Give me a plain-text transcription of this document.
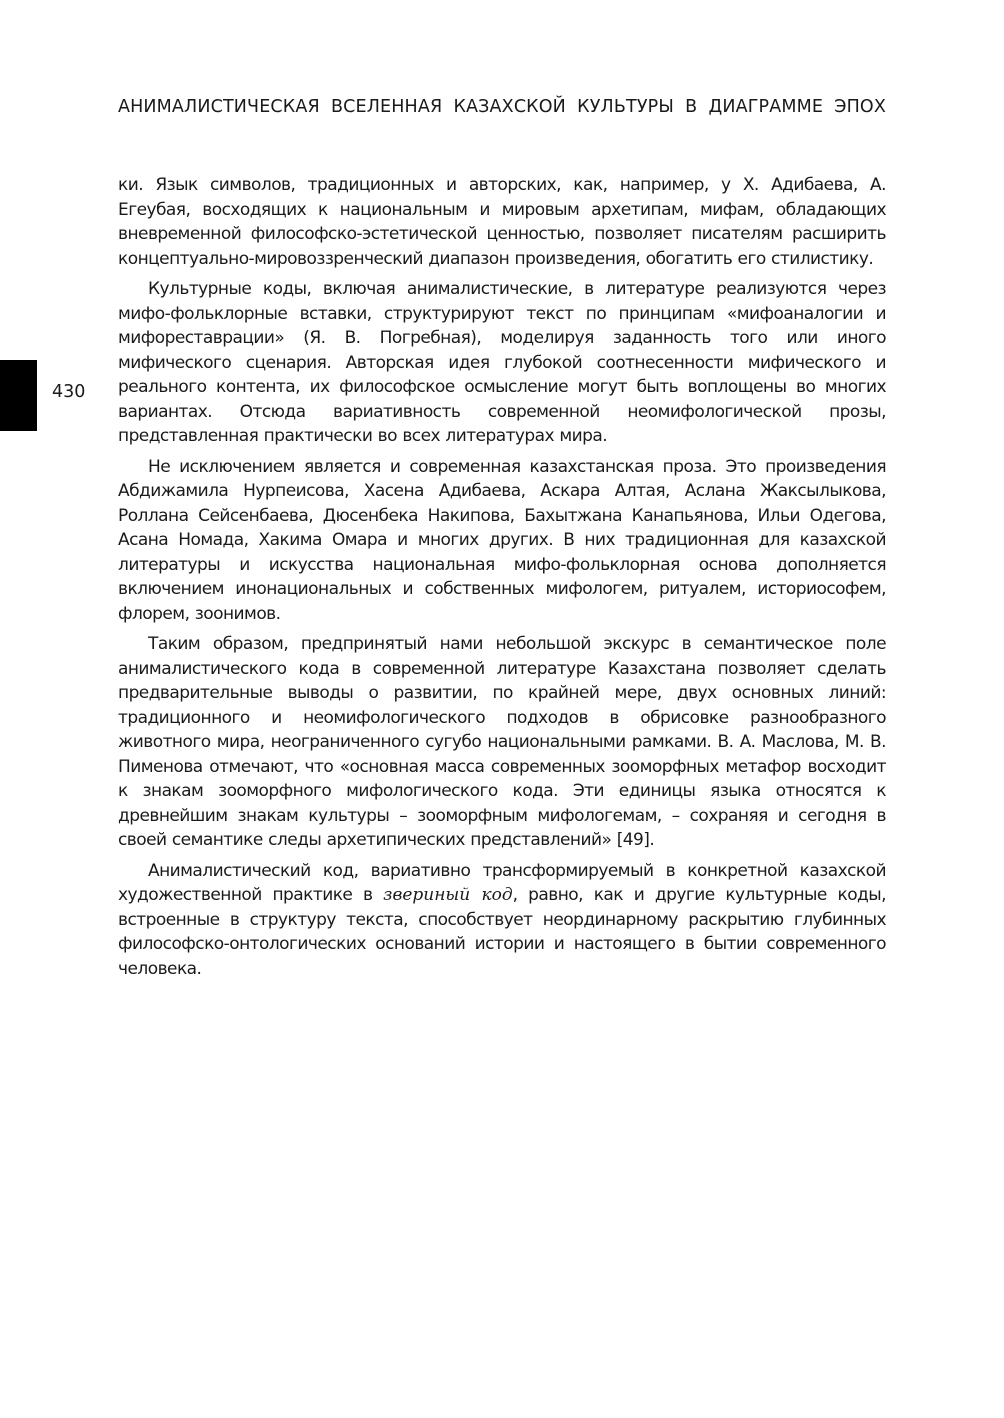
АНИМАЛИСТИЧЕСКАЯ ВСЕЛЕННАЯ КАЗАХСКОЙ КУЛЬТУРЫ В ДИАГРАММЕ ЭПОХ
430

ки. Язык символов, традиционных и авторских, как, например, у Х. Адибаева, А. Егеубая, восходящих к национальным и мировым архетипам, мифам, обладающих вневременной философско-эстетической ценностью, позволяет писателям расширить концептуально-мировоззренческий диапазон произведения, обогатить его стилистику.

Культурные коды, включая анималистические, в литературе реализуются через мифо-фольклорные вставки, структурируют текст по принципам «мифоаналогии и мифореставрации» (Я. В. Погребная), моделируя заданность того или иного мифического сценария. Авторская идея глубокой соотнесенности мифического и реального контента, их философское осмысление могут быть воплощены во многих вариантах. Отсюда вариативность современной неомифологической прозы, представленная практически во всех литературах мира.

Не исключением является и современная казахстанская проза. Это произведения Абдижамила Нурпеисова, Хасена Адибаева, Аскара Алтая, Аслана Жаксылыкова, Роллана Сейсенбаева, Дюсенбека Накипова, Бахытжана Канапьянова, Ильи Одегова, Асана Номада, Хакима Омара и многих других. В них традиционная для казахской литературы и искусства национальная мифо-фольклорная основа дополняется включением инонациональных и собственных мифологем, ритуалем, историософем, флорем, зоонимов.

Таким образом, предпринятый нами небольшой экскурс в семантическое поле анималистического кода в современной литературе Казахстана позволяет сделать предварительные выводы о развитии, по крайней мере, двух основных линий: традиционного и неомифологического подходов в обрисовке разнообразного животного мира, неограниченного сугубо национальными рамками. В. А. Маслова, М. В. Пименова отмечают, что «основная масса современных зооморфных метафор восходит к знакам зооморфного мифологического кода. Эти единицы языка относятся к древнейшим знакам культуры – зооморфным мифологемам, – сохраняя и сегодня в своей семантике следы архетипических представлений» [49].

Анималистический код, вариативно трансформируемый в конкретной казахской художественной практике в звериный код, равно, как и другие культурные коды, встроенные в структуру текста, способствует неординарному раскрытию глубинных философско-онтологических оснований истории и настоящего в бытии современного человека.
